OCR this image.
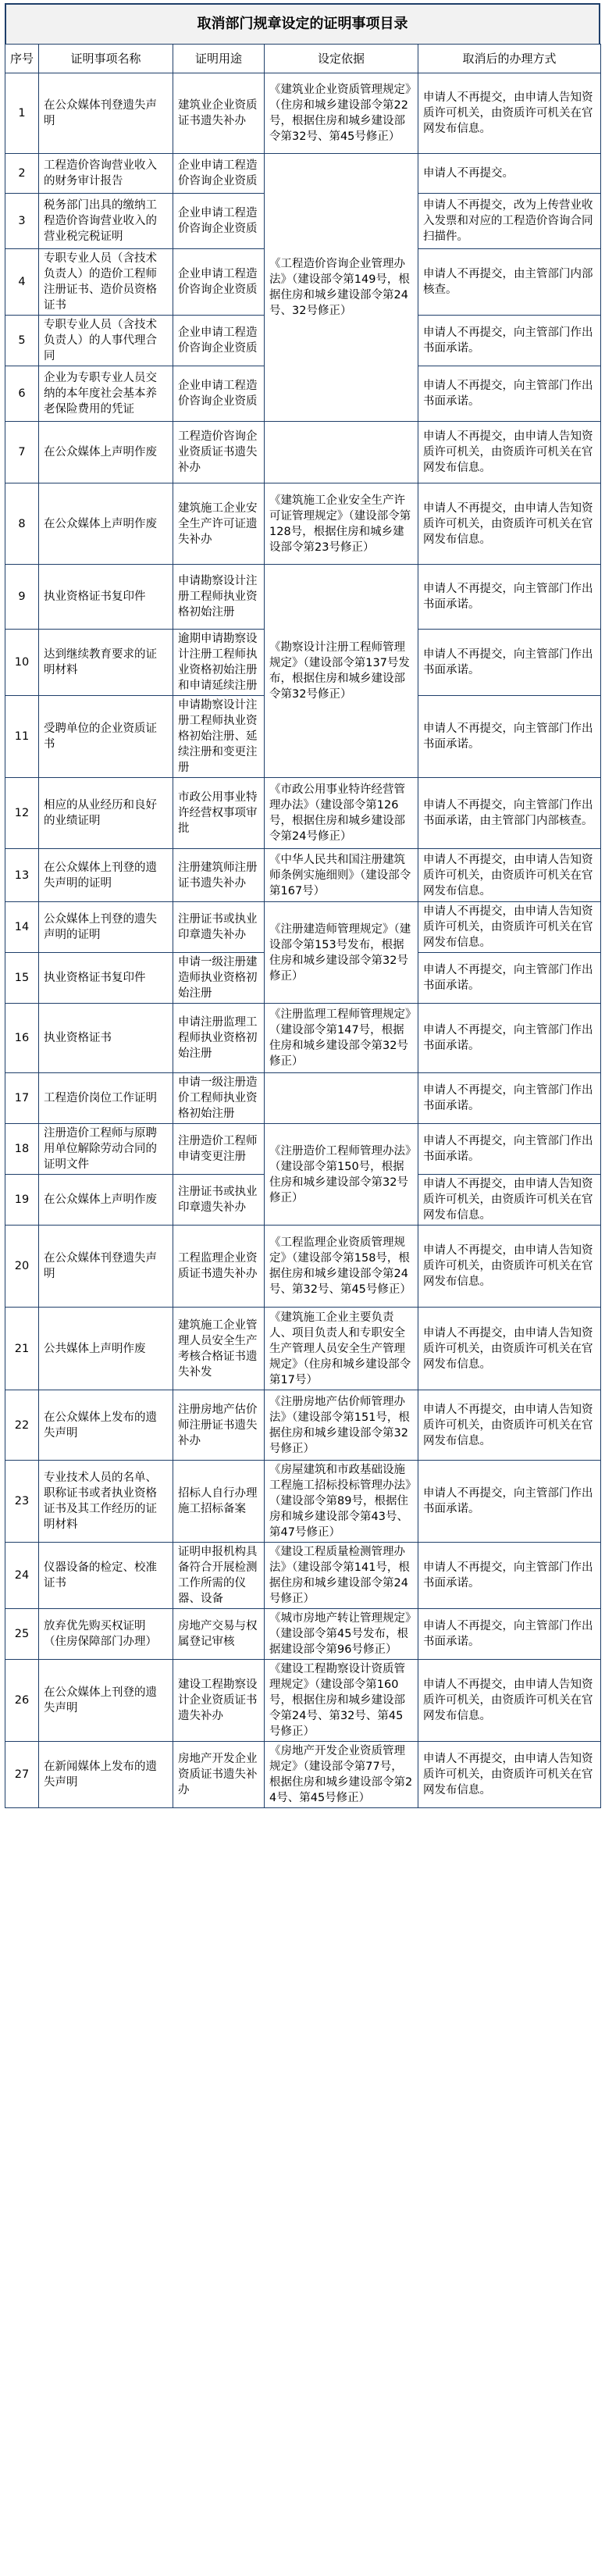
取消部门规章设定的证明事项目录
序号	证明事项名称	证明用途	设定依据	取消后的办理方式
1	在公众媒体刊登遗失声明	建筑业企业资质证书遗失补办	《建筑业企业资质管理规定》（住房和城乡建设部令第22号，根据住房和城乡建设部令第32号、第45号修正）	申请人不再提交，由申请人告知资质许可机关，由资质许可机关在官网发布信息。
2	工程造价咨询营业收入的财务审计报告	企业申请工程造价咨询企业资质	《工程造价咨询企业管理办法》（建设部令第149号，根据住房和城乡建设部令第24号、32号修正）	申请人不再提交。
3	税务部门出具的缴纳工程造价咨询营业收入的营业税完税证明	企业申请工程造价咨询企业资质		申请人不再提交，改为上传营业收入发票和对应的工程造价咨询合同扫描件。
4	专职专业人员（含技术负责人）的造价工程师注册证书、造价员资格证书	企业申请工程造价咨询企业资质		申请人不再提交，由主管部门内部核查。
5	专职专业人员（含技术负责人）的人事代理合同	企业申请工程造价咨询企业资质		申请人不再提交，向主管部门作出书面承诺。
6	企业为专职专业人员交纳的本年度社会基本养老保险费用的凭证	企业申请工程造价咨询企业资质		申请人不再提交，向主管部门作出书面承诺。
7	在公众媒体上声明作废	工程造价咨询企业资质证书遗失补办		申请人不再提交，由申请人告知资质许可机关，由资质许可机关在官网发布信息。
8	在公众媒体上声明作废	建筑施工企业安全生产许可证遗失补办	《建筑施工企业安全生产许可证管理规定》（建设部令第128号，根据住房和城乡建设部令第23号修正）	申请人不再提交，由申请人告知资质许可机关，由资质许可机关在官网发布信息。
9	执业资格证书复印件	申请勘察设计注册工程师执业资格初始注册	《勘察设计注册工程师管理规定》（建设部令第137号发布，根据住房和城乡建设部令第32号修正）	申请人不再提交，向主管部门作出书面承诺。
10	达到继续教育要求的证明材料	逾期申请勘察设计注册工程师执业资格初始注册和申请延续注册		申请人不再提交，向主管部门作出书面承诺。
11	受聘单位的企业资质证书	申请勘察设计注册工程师执业资格初始注册、延续注册和变更注册		申请人不再提交，向主管部门作出书面承诺。
12	相应的从业经历和良好的业绩证明	市政公用事业特许经营权事项审批	《市政公用事业特许经营管理办法》（建设部令第126号，根据住房和城乡建设部令第24号修正）	申请人不再提交，向主管部门作出书面承诺，由主管部门内部核查。
13	在公众媒体上刊登的遗失声明的证明	注册建筑师注册证书遗失补办	《中华人民共和国注册建筑师条例实施细则》（建设部令第167号）	申请人不再提交，由申请人告知资质许可机关，由资质许可机关在官网发布信息。
14	公众媒体上刊登的遗失声明的证明	注册证书或执业印章遗失补办	《注册建造师管理规定》（建设部令第153号发布，根据住房和城乡建设部令第32号修正）	申请人不再提交，由申请人告知资质许可机关，由资质许可机关在官网发布信息。
15	执业资格证书复印件	申请一级注册建造师执业资格初始注册		申请人不再提交，向主管部门作出书面承诺。
16	执业资格证书	申请注册监理工程师执业资格初始注册	《注册监理工程师管理规定》（建设部令第147号，根据住房和城乡建设部令第32号修正）	申请人不再提交，向主管部门作出书面承诺。
17	工程造价岗位工作证明	申请一级注册造价工程师执业资格初始注册		申请人不再提交，向主管部门作出书面承诺。
18	注册造价工程师与原聘用单位解除劳动合同的证明文件	注册造价工程师申请变更注册	《注册造价工程师管理办法》（建设部令第150号，根据住房和城乡建设部令第32号修正）	申请人不再提交，向主管部门作出书面承诺。
19	在公众媒体上声明作废	注册证书或执业印章遗失补办		申请人不再提交，由申请人告知资质许可机关，由资质许可机关在官网发布信息。
20	在公众媒体刊登遗失声明	工程监理企业资质证书遗失补办	《工程监理企业资质管理规定》（建设部令第158号，根据住房和城乡建设部令第24号、第32号、第45号修正）	申请人不再提交，由申请人告知资质许可机关，由资质许可机关在官网发布信息。
21	公共媒体上声明作废	建筑施工企业管理人员安全生产考核合格证书遗失补发	《建筑施工企业主要负责人、项目负责人和专职安全生产管理人员安全生产管理规定》（住房和城乡建设部令第17号）	申请人不再提交，由申请人告知资质许可机关，由资质许可机关在官网发布信息。
22	在公众媒体上发布的遗失声明	注册房地产估价师注册证书遗失补办	《注册房地产估价师管理办法》（建设部令第151号，根据住房和城乡建设部令第32号修正）	申请人不再提交，由申请人告知资质许可机关，由资质许可机关在官网发布信息。
23	专业技术人员的名单、职称证书或者执业资格证书及其工作经历的证明材料	招标人自行办理施工招标备案	《房屋建筑和市政基础设施工程施工招标投标管理办法》（建设部令第89号，根据住房和城乡建设部令第43号、第47号修正）	申请人不再提交，向主管部门作出书面承诺。
24	仪器设备的检定、校准证书	证明申报机构具备符合开展检测工作所需的仪器、设备	《建设工程质量检测管理办法》（建设部令第141号，根据住房和城乡建设部令第24号修正）	申请人不再提交，向主管部门作出书面承诺。
25	放弃优先购买权证明（住房保障部门办理）	房地产交易与权属登记审核	《城市房地产转让管理规定》（建设部令第45号发布，根据建设部令第96号修正）	申请人不再提交，向主管部门作出书面承诺。
26	在公众媒体上刊登的遗失声明	建设工程勘察设计企业资质证书遗失补办	《建设工程勘察设计资质管理规定》（建设部令第160号，根据住房和城乡建设部令第24号、第32号、第45号修正）	申请人不再提交，由申请人告知资质许可机关，由资质许可机关在官网发布信息。
27	在新闻媒体上发布的遗失声明	房地产开发企业资质证书遗失补办	《房地产开发企业资质管理规定》（建设部令第77号，根据住房和城乡建设部令第24号、第45号修正）	申请人不再提交，由申请人告知资质许可机关，由资质许可机关在官网发布信息。
